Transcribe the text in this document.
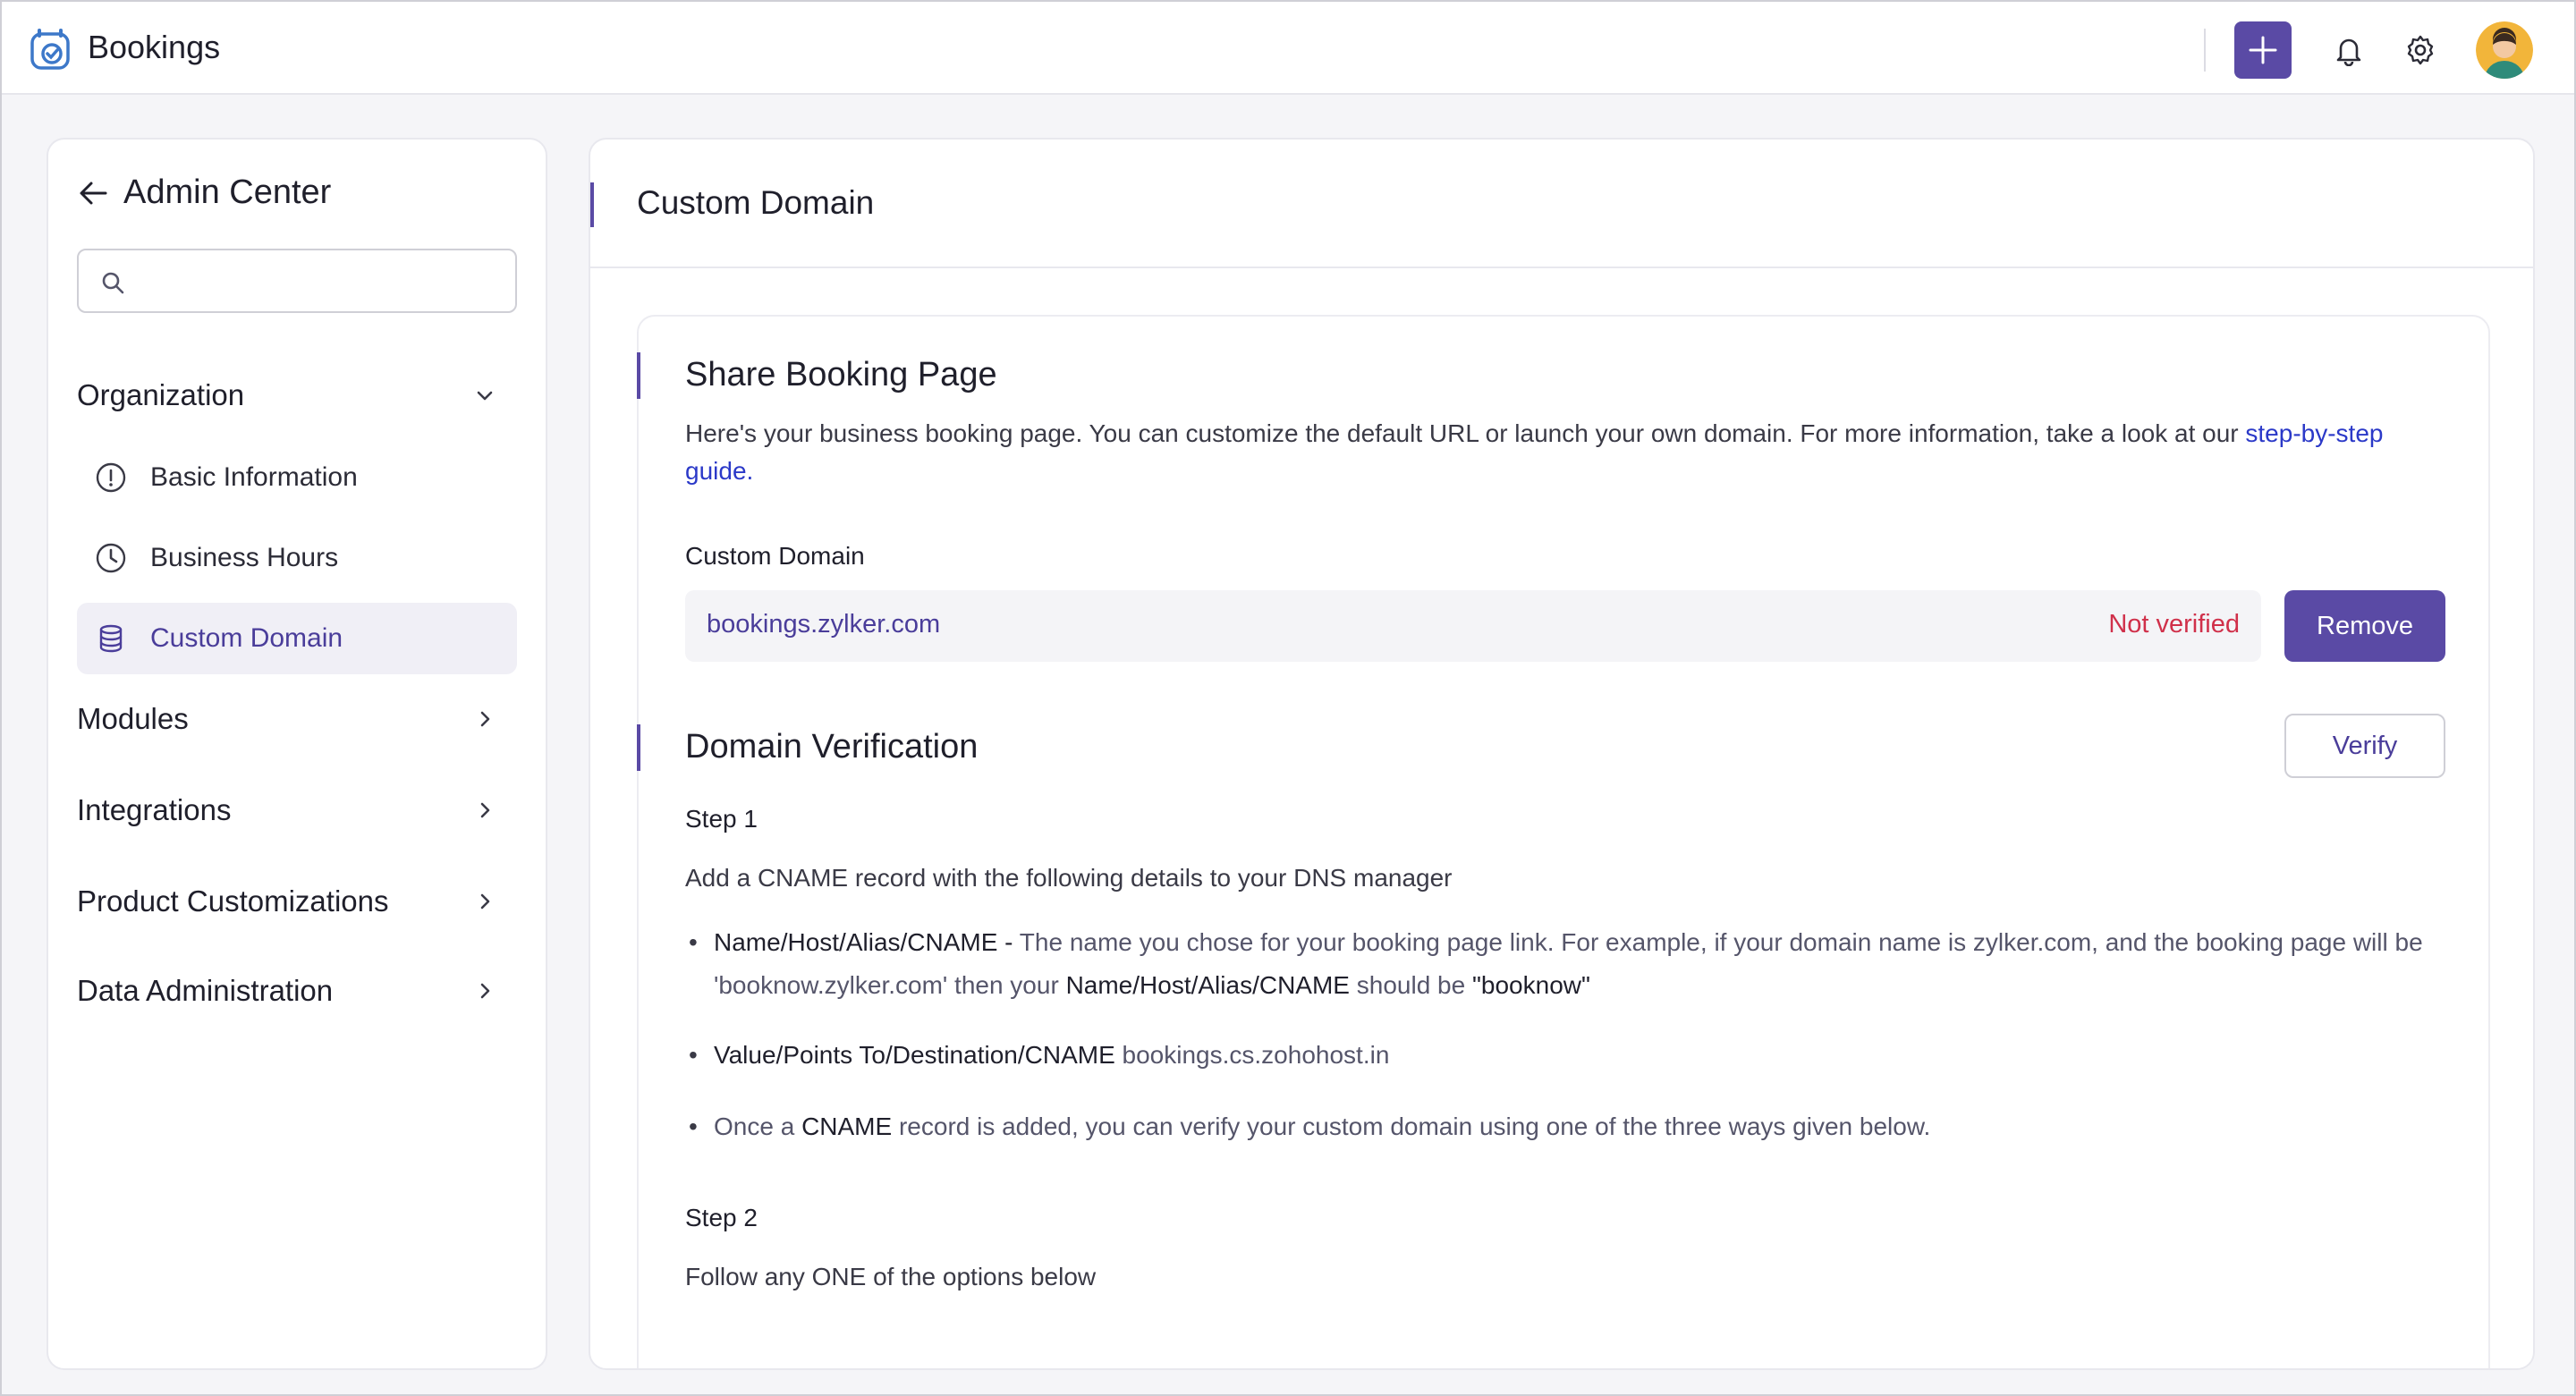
Bookings
Admin Center
Organization
Basic Information
Business Hours
Custom Domain
Modules
Integrations
Product Customizations
Data Administration
Custom Domain
Share Booking Page
Here's your business booking page. You can customize the default URL or launch your own domain. For more information, take a look at our step-by-step guide.
Custom Domain
bookings.zylker.com	Not verified	Remove
Domain Verification	Verify
Step 1
Add a CNAME record with the following details to your DNS manager
• Name/Host/Alias/CNAME - The name you chose for your booking page link. For example, if your domain name is zylker.com, and the booking page will be 'booknow.zylker.com' then your Name/Host/Alias/CNAME should be "booknow"
• Value/Points To/Destination/CNAME bookings.cs.zohohost.in
• Once a CNAME record is added, you can verify your custom domain using one of the three ways given below.
Step 2
Follow any ONE of the options below
